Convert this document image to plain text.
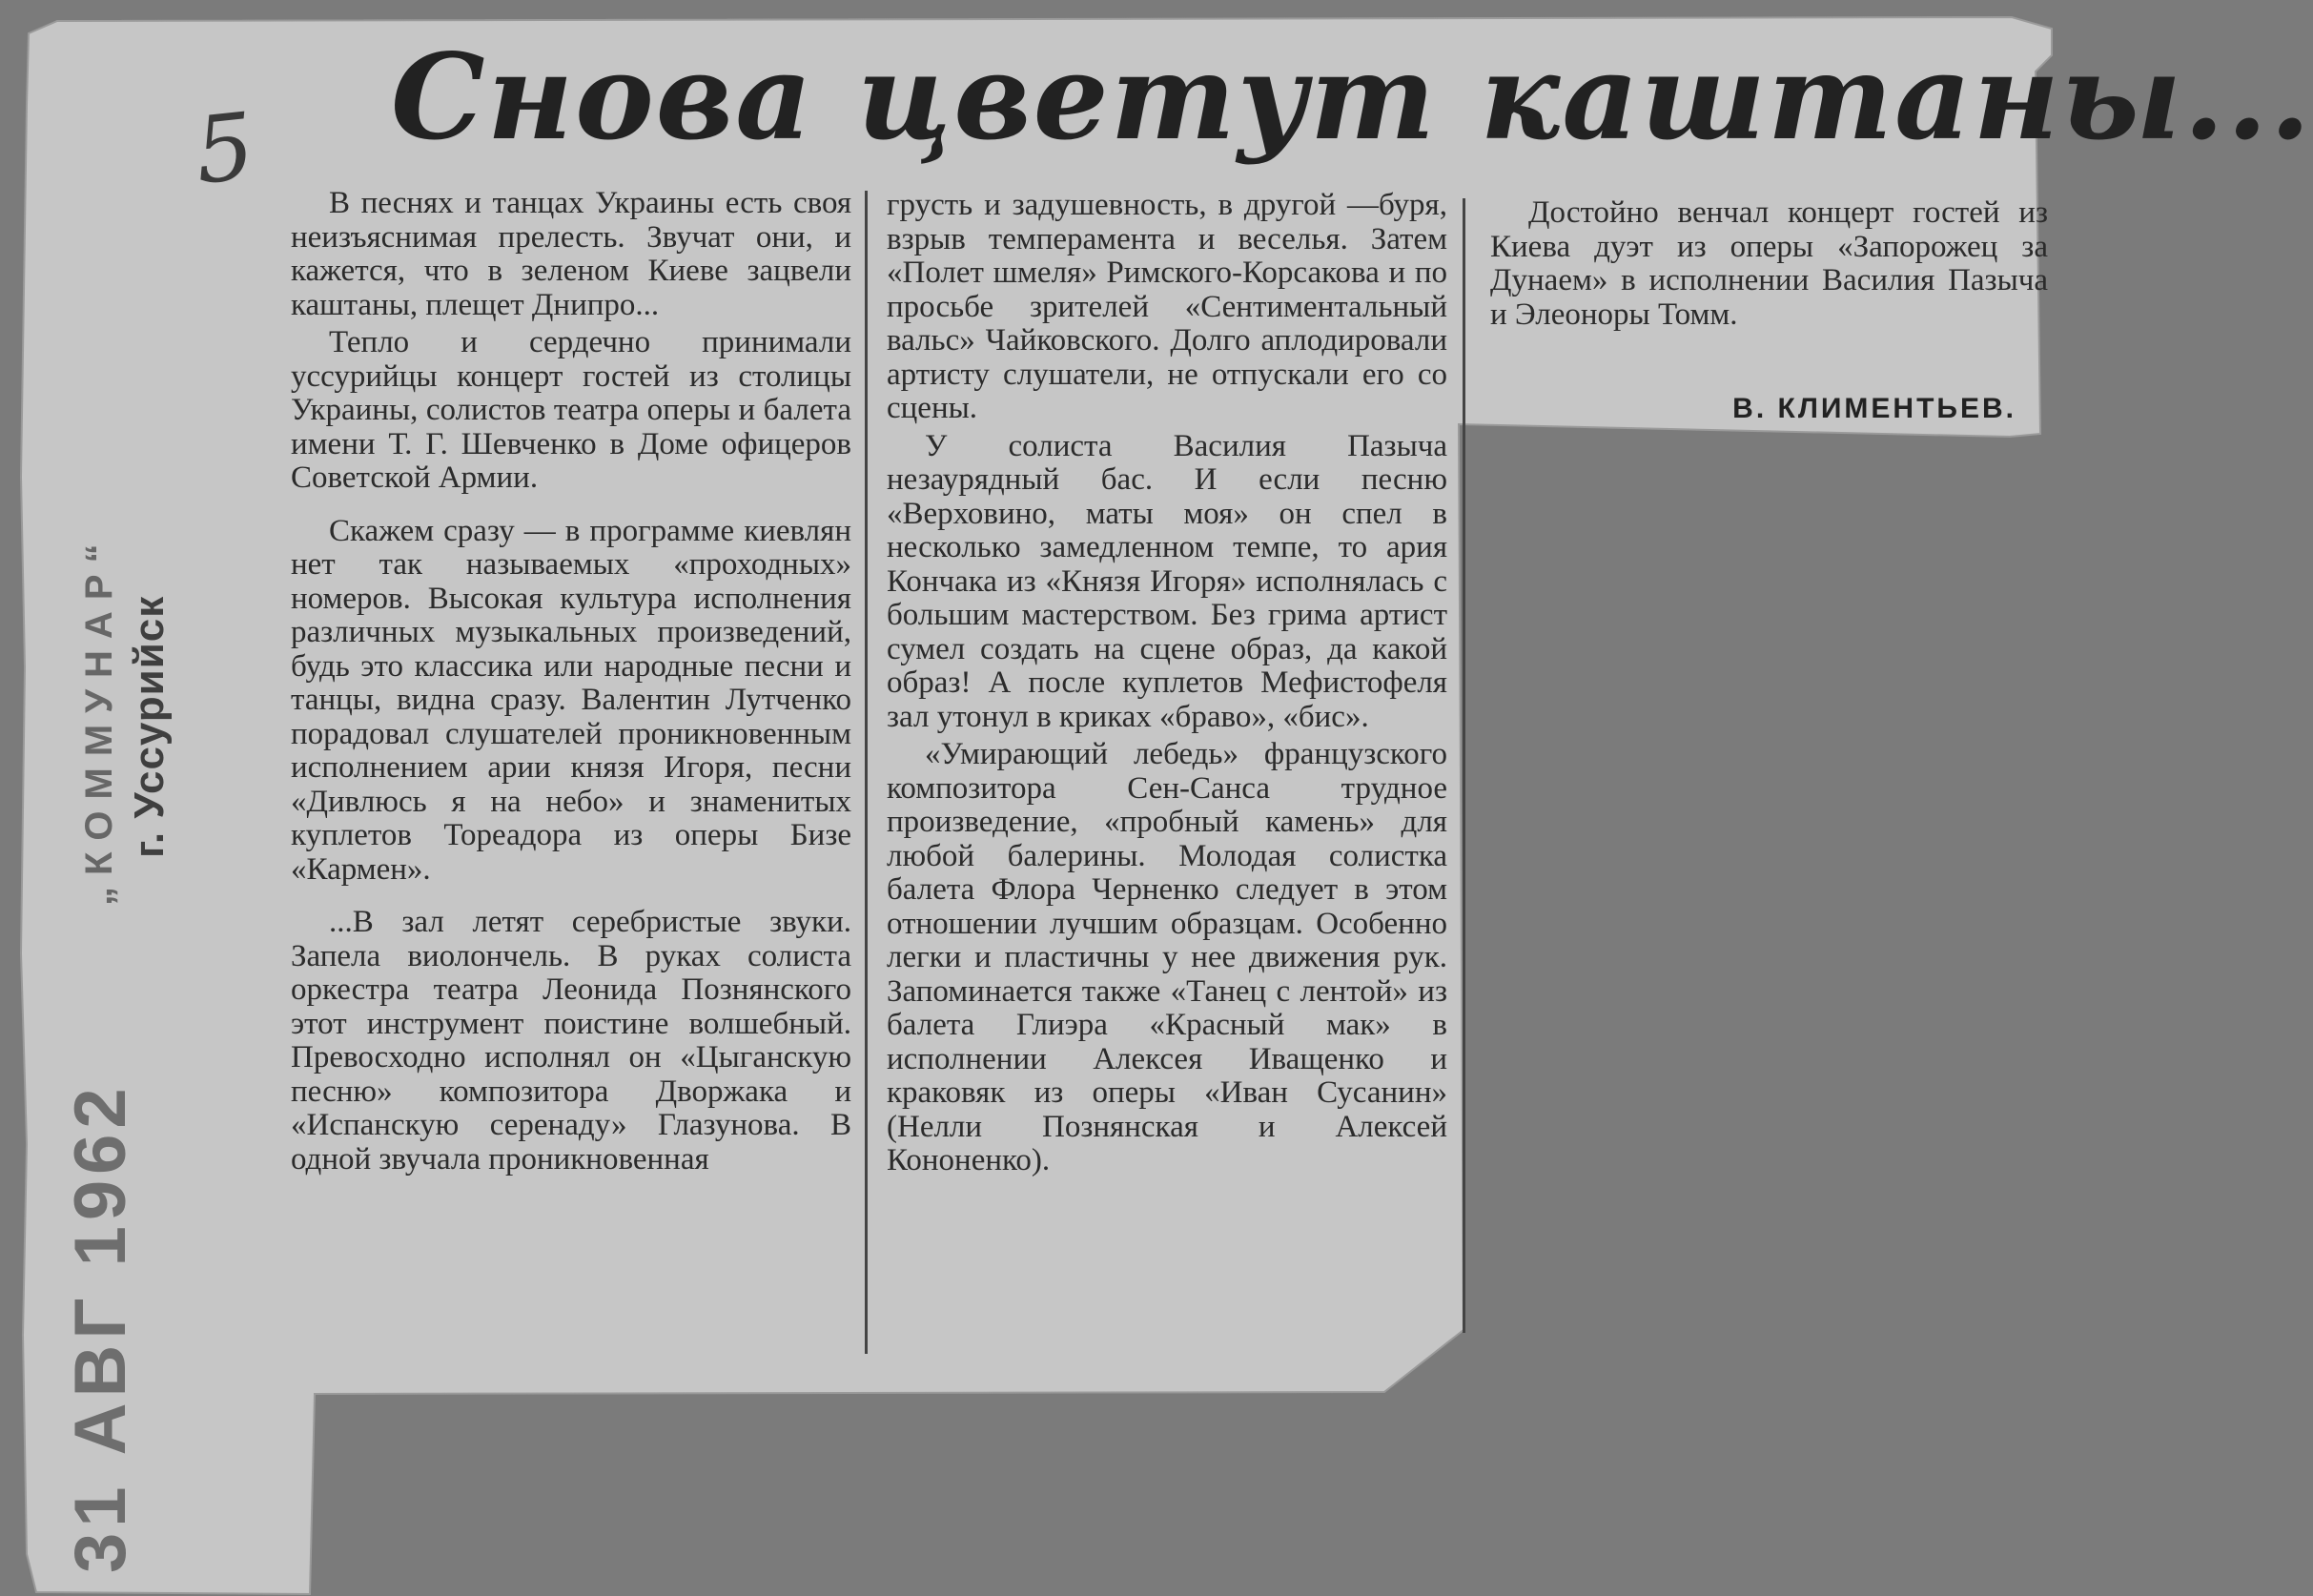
Снова цветут каштаны...
5
„КОММУНАР“ г. Уссурийск
31 АВГ 1962

В песнях и танцах Украины есть своя неизъяснимая прелесть. Звучат они, и кажется, что в зеленом Киеве зацвели каштаны, плещет Днипро...

Тепло и сердечно принимали уссурийцы концерт гостей из столицы Украины, солистов театра оперы и балета имени Т. Г. Шевченко в Доме офицеров Советской Армии.

Скажем сразу — в программе киевлян нет так называемых «проходных» номеров. Высокая культура исполнения различных музыкальных произведений, будь это классика или народные песни и танцы, видна сразу. Валентин Лутченко порадовал слушателей проникновенным исполнением арии князя Игоря, песни «Дивлюсь я на небо» и знаменитых куплетов Тореадора из оперы Бизе «Кармен».

...В зал летят серебристые звуки. Запела виолончель. В руках солиста оркестра театра Леонида Познянского этот инструмент поистине волшебный. Превосходно исполнял он «Цыганскую песню» композитора Дворжака и «Испанскую серенаду» Глазунова. В одной звучала проникновенная

грусть и задушевность, в другой —буря, взрыв темперамента и веселья. Затем «Полет шмеля» Римского-Корсакова и по просьбе зрителей «Сентиментальный вальс» Чайковского. Долго аплодировали артисту слушатели, не отпускали его со сцены.

У солиста Василия Пазыча незаурядный бас. И если песню «Верховино, маты моя» он спел в несколько замедленном темпе, то ария Кончака из «Князя Игоря» исполнялась с большим мастерством. Без грима артист сумел создать на сцене образ, да какой образ! А после куплетов Мефистофеля зал утонул в криках «браво», «бис».

«Умирающий лебедь» французского композитора Сен-Санса трудное произведение, «пробный камень» для любой балерины. Молодая солистка балета Флора Черненко следует в этом отношении лучшим образцам. Особенно легки и пластичны у нее движения рук. Запоминается также «Танец с лентой» из балета Глиэра «Красный мак» в исполнении Алексея Иващенко и краковяк из оперы «Иван Сусанин» (Нелли Познянская и Алексей Кононенко).

Достойно венчал концерт гостей из Киева дуэт из оперы «Запорожец за Дунаем» в исполнении Василия Пазыча и Элеоноры Томм.

В. КЛИМЕНТЬЕВ.
